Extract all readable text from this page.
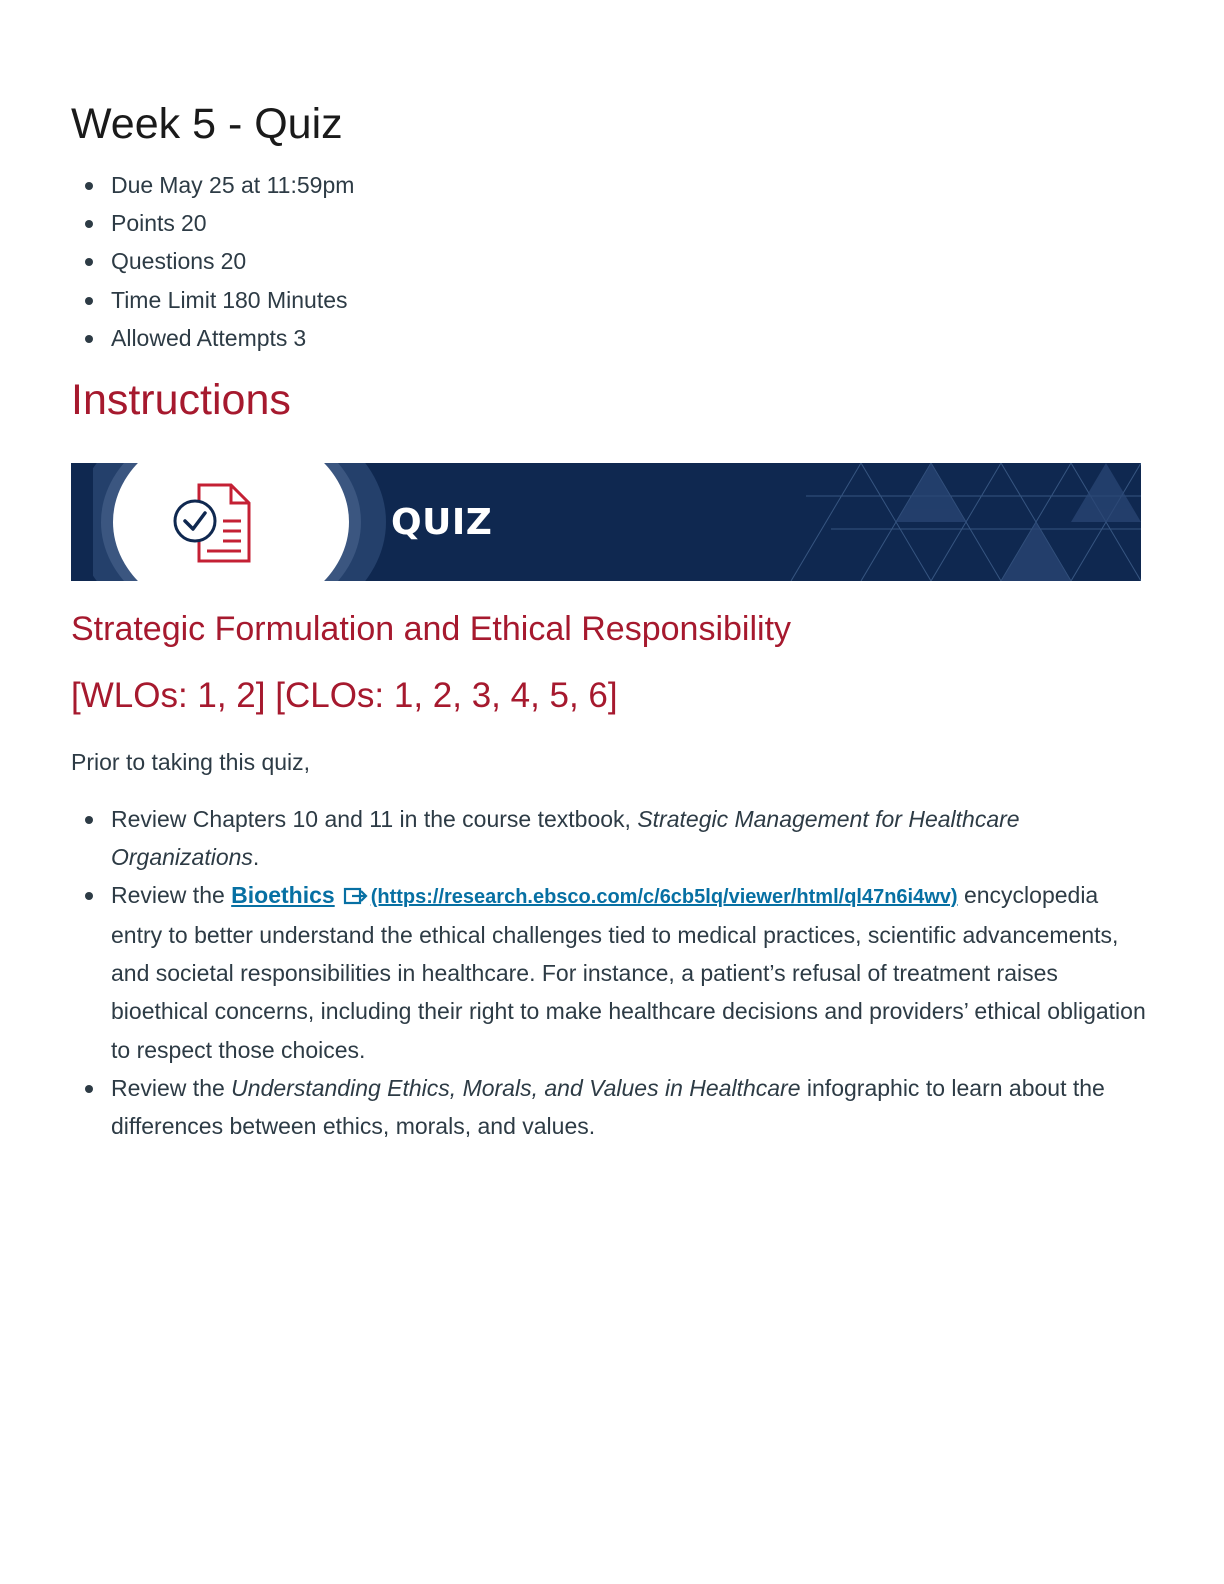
Week 5 - Quiz
Due May 25 at 11:59pm
Points 20
Questions 20
Time Limit 180 Minutes
Allowed Attempts 3
Instructions
QUIZ
Strategic Formulation and Ethical Responsibility
[WLOs: 1, 2] [CLOs: 1, 2, 3, 4, 5, 6]

Prior to taking this quiz,

Review Chapters 10 and 11 in the course textbook, Strategic Management for Healthcare Organizations.
Review the Bioethics (https://research.ebsco.com/c/6cb5lq/viewer/html/ql47n6i4wv) encyclopedia entry to better understand the ethical challenges tied to medical practices, scientific advancements, and societal responsibilities in healthcare. For instance, a patient’s refusal of treatment raises bioethical concerns, including their right to make healthcare decisions and providers’ ethical obligation to respect those choices.
Review the Understanding Ethics, Morals, and Values in Healthcare infographic to learn about the differences between ethics, morals, and values.
